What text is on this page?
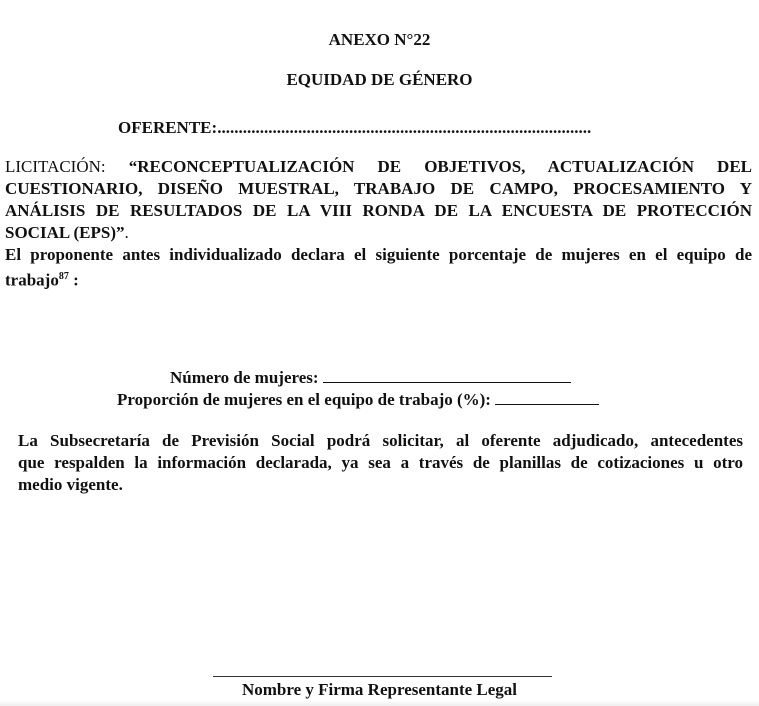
ANEXO N°22
EQUIDAD DE GÉNERO
OFERENTE:........................................................................................
LICITACIÓN: “RECONCEPTUALIZACIÓN DE OBJETIVOS, ACTUALIZACIÓN DEL
CUESTIONARIO, DISEÑO MUESTRAL, TRABAJO DE CAMPO, PROCESAMIENTO Y
ANÁLISIS DE RESULTADOS DE LA VIII RONDA DE LA ENCUESTA DE PROTECCIÓN
SOCIAL (EPS)”.
El proponente antes individualizado declara el siguiente porcentaje de mujeres en el equipo de
trabajo$^{87}$ :
Número de mujeres:
Proporción de mujeres en el equipo de trabajo (%):
La Subsecretaría de Previsión Social podrá solicitar, al oferente adjudicado, antecedentes
que respalden la información declarada, ya sea a través de planillas de cotizaciones u otro
medio vigente.
Nombre y Firma Representante Legal
